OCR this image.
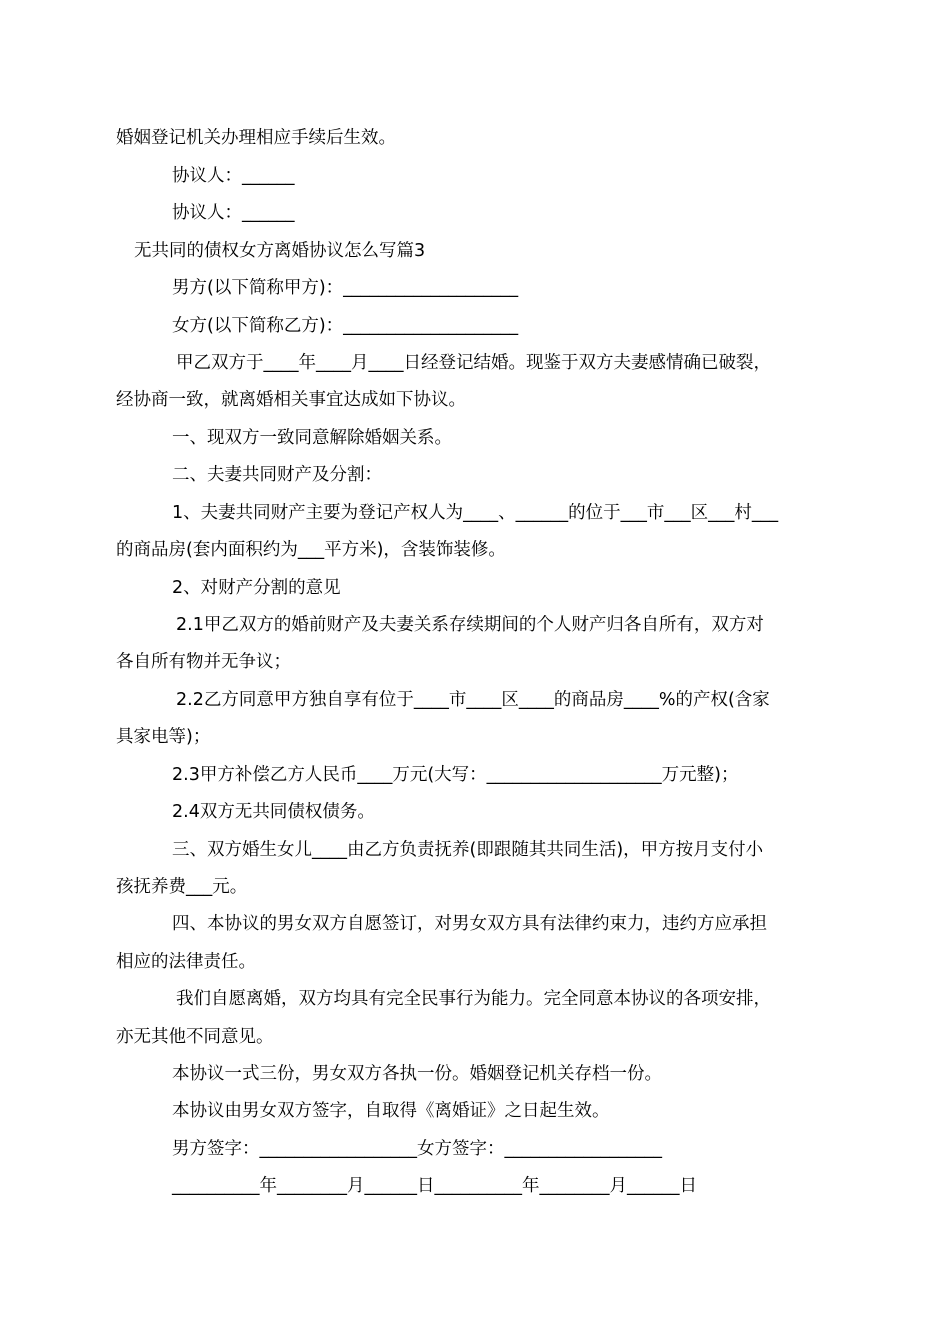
婚姻登记机关办理相应手续后生效。
协议人：______
协议人：______
无共同的债权女方离婚协议怎么写篇3
男方(以下简称甲方)：____________________
女方(以下简称乙方)：____________________
甲乙双方于____年____月____日经登记结婚。现鉴于双方夫妻感情确已破裂，
经协商一致，就离婚相关事宜达成如下协议。
一、现双方一致同意解除婚姻关系。
二、夫妻共同财产及分割：
1、夫妻共同财产主要为登记产权人为____、______的位于___市___区___村___
的商品房(套内面积约为___平方米)，含装饰装修。
2、对财产分割的意见
2.1甲乙双方的婚前财产及夫妻关系存续期间的个人财产归各自所有，双方对
各自所有物并无争议；
2.2乙方同意甲方独自享有位于____市____区____的商品房____%的产权(含家
具家电等)；
2.3甲方补偿乙方人民币____万元(大写：____________________万元整)；
2.4双方无共同债权债务。
三、双方婚生女儿____由乙方负责抚养(即跟随其共同生活)，甲方按月支付小
孩抚养费___元。
四、本协议的男女双方自愿签订，对男女双方具有法律约束力，违约方应承担
相应的法律责任。
我们自愿离婚，双方均具有完全民事行为能力。完全同意本协议的各项安排，
亦无其他不同意见。
本协议一式三份，男女双方各执一份。婚姻登记机关存档一份。
本协议由男女双方签字，自取得《离婚证》之日起生效。
男方签字：__________________女方签字：__________________
__________年________月______日__________年________月______日
